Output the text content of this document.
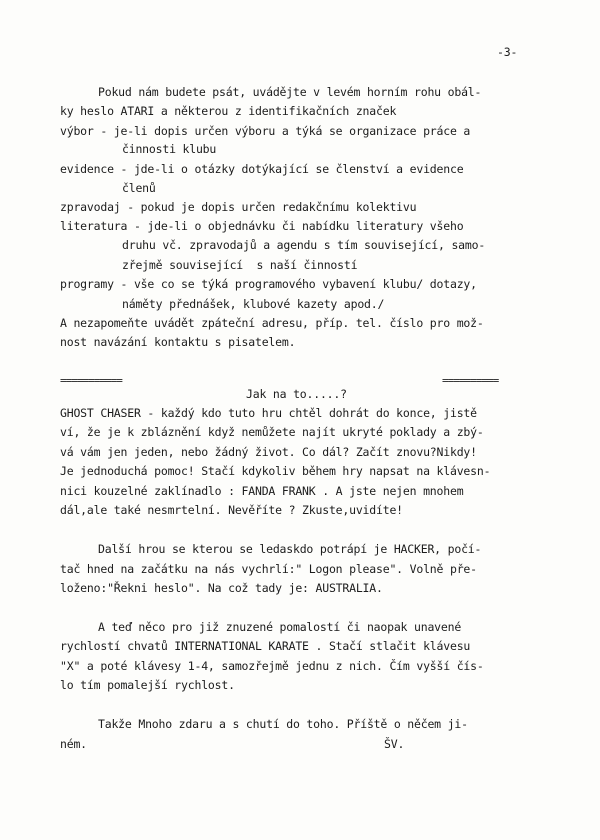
-3-
Pokud nám budete psát, uvádějte v levém horním rohu obál-
ky heslo ATARI a některou z identifikačních značek
výbor - je-li dopis určen výboru a týká se organizace práce a
činnosti klubu
evidence - jde-li o otázky dotýkající se členství a evidence
členů
zpravodaj - pokud je dopis určen redakčnímu kolektivu
literatura - jde-li o objednávku či nabídku literatury všeho
druhu vč. zpravodajů a agendu s tím související, samo-
zřejmě související  s naší činností
programy - vše co se týká programového vybavení klubu/ dotazy,
náměty přednášek, klubové kazety apod./
A nezapomeňte uvádět zpáteční adresu, příp. tel. číslo pro mož-
nost navázání kontaktu s pisatelem.
===========	==========
Jak na to.....?
GHOST CHASER - každý kdo tuto hru chtěl dohrát do konce, jistě
ví, že je k zbláznění když nemůžete najít ukryté poklady a zbý-
vá vám jen jeden, nebo žádný život. Co dál? Začít znovu?Nikdy!
Je jednoduchá pomoc! Stačí kdykoliv během hry napsat na klávesn-
nici kouzelné zaklínadlo : FANDA FRANK . A jste nejen mnohem
dál,ale také nesmrtelní. Nevěříte ? Zkuste,uvidíte!
Další hrou se kterou se ledaskdo potrápí je HACKER, počí-
tač hned na začátku na nás vychrlí:" Logon please". Volně pře-
loženo:"Řekni heslo". Na což tady je: AUSTRALIA.
A teď něco pro již znuzené pomalostí či naopak unavené
rychlostí chvatů INTERNATIONAL KARATE . Stačí stlačit klávesu
"X" a poté klávesy 1-4, samozřejmě jednu z nich. Čím vyšší čís-
lo tím pomalejší rychlost.
Takže Mnoho zdaru a s chutí do toho. Příště o něčem ji-
ném.	ŠV.
